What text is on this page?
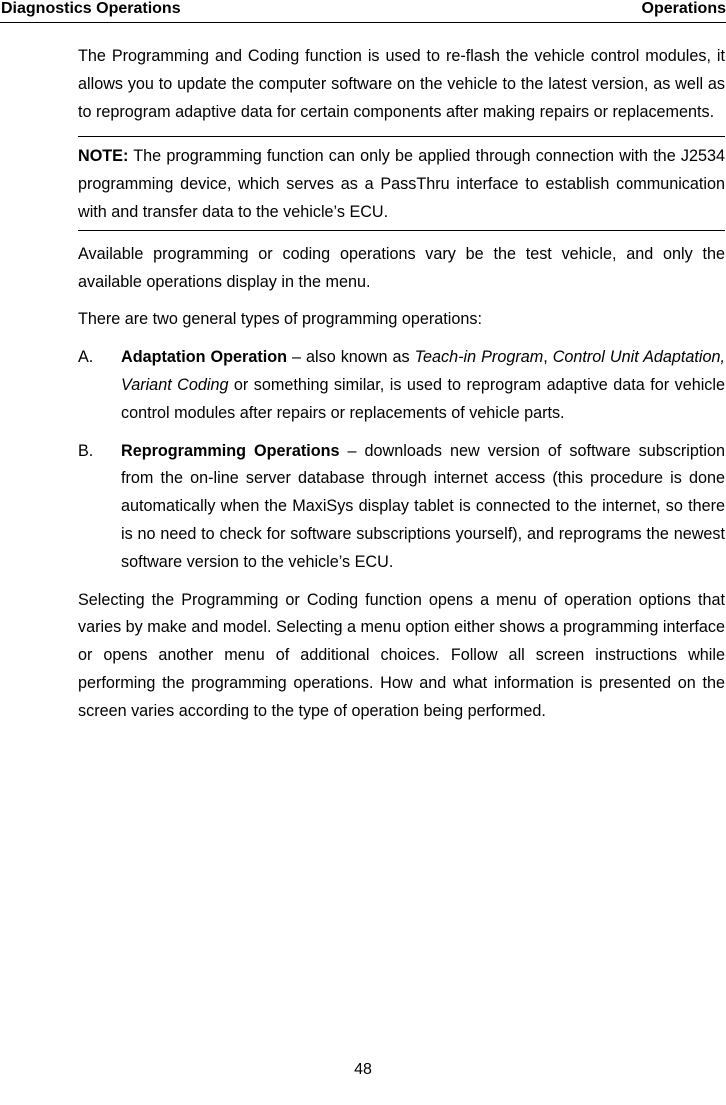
Diagnostics Operations	Operations

The Programming and Coding function is used to re-flash the vehicle control modules, it allows you to update the computer software on the vehicle to the latest version, as well as to reprogram adaptive data for certain components after making repairs or replacements.

NOTE: The programming function can only be applied through connection with the J2534 programming device, which serves as a PassThru interface to establish communication with and transfer data to the vehicle’s ECU.

Available programming or coding operations vary be the test vehicle, and only the available operations display in the menu.

There are two general types of programming operations:

A.	Adaptation Operation – also known as Teach-in Program, Control Unit Adaptation, Variant Coding or something similar, is used to reprogram adaptive data for vehicle control modules after repairs or replacements of vehicle parts.
B.	Reprogramming Operations – downloads new version of software subscription from the on-line server database through internet access (this procedure is done automatically when the MaxiSys display tablet is connected to the internet, so there is no need to check for software subscriptions yourself), and reprograms the newest software version to the vehicle’s ECU.

Selecting the Programming or Coding function opens a menu of operation options that varies by make and model. Selecting a menu option either shows a programming interface or opens another menu of additional choices. Follow all screen instructions while performing the programming operations. How and what information is presented on the screen varies according to the type of operation being performed.

48
